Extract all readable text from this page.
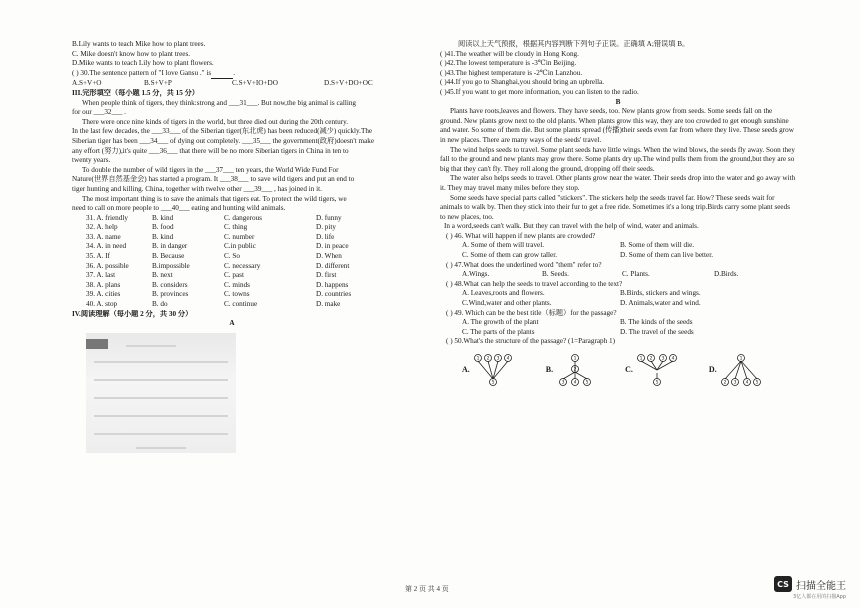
B.Lily wants to teach Mike how to plant trees.
C. Mike doesn't know how to plant trees.
D.Mike wants to teach Lily how to plant flowers.
( ) 30.The sentence pattern of "I love Gansu ." is	.
A.S+V+O	B.S+V+P	C.S+V+IO+DO	D.S+V+DO+OC
III.完形填空（每小题 1.5 分，共 15 分）
When people think of tigers, they think:strong and ___31___. But now,the big animal is calling
for our ___32___ .
There were once nine kinds of tigers in the world, but three died out during the 20th century.
In the last few decades, the ___33___ of the Siberian tiger(东北虎) has been reduced(减少) quickly.The
Siberian tiger has been ___34___ of dying out completely. ___35___ the government(政府)doesn't make
any effort (努力),it's quite ___36___ that there will be no more Siberian tigers in China in ten to
twenty years.
To double the number of wild tigers in the ___37___ ten years, the World Wide Fund For
Nature(世界自然基金会) has started a program. It ___38___ to save wild tigers and put an end to
tiger hunting and killing. China, together with twelve other ___39___ , has joined in it.
The most important thing is to save the animals that tigers eat. To protect the wild tigers, we
need to call on more people to ___40___ eating and hunting wild animals.
31. A. friendly	B. kind	C. dangerous	D. funny
32. A. help	B. food	C. thing	D. pity
33. A. name	B. kind	C. number	D. life
34. A. in need	B. in danger	C.in public	D. in peace
35. A. If	B. Because	C. So	D. When
36. A. possible	B.impossible	C. necessary	D. different
37. A. last	B. next	C. past	D. first
38. A. plans	B. considers	C. minds	D. happens
39. A. cities	B. provinces	C. towns	D. countries
40. A. stop	B. do	C. continue	D. make
IV.阅读理解（每小题 2 分，共 30 分）
A
阅读以上天气预报，根据其内容判断下列句子正误。正确填 A;错误填 B。
( )41.The weather will be cloudy in Hong Kong.
( )42.The lowest temperature is -3℃in Beijing.
( )43.The highest temperature is -2℃in Lanzhou.
( )44.If you go to Shanghai,you should bring an upbrella.
( )45.If you want to get more information, you can listen to the radio.
B
Plants have roots,leaves and flowers. They have seeds, too. New plants grow from seeds. Some seeds fall on the ground. New plants grow next to the old plants. When plants grow this way, they are too crowded to get enough sunshine and water. So some of them die. But some plants spread (传播)their seeds even far from where they live. These seeds grow in new places. There are many ways of the seeds' travel.
The wind helps seeds to travel. Some plant seeds have little wings. When the wind blows, the seeds fly away. Soon they fall to the ground and new plants may grow there. Some plants dry up.The wind pulls them from the ground,but they are so big that they can't fly. They roll along the ground, dropping off their seeds.
The water also helps seeds to travel. Other plants grow near the water. Their seeds drop into the water and go away with it. They may travel many miles before they stop.
Some seeds have special parts called "stickers". The stickers help the seeds travel far. How? These seeds wait for animals to walk by. Then they stick into their fur to get a free ride. Sometimes it's a long trip.Birds carry some plant seeds to new places, too.
In a word,seeds can't walk. But they can travel with the help of wind, water and animals.
( ) 46. What will happen if new plants are crowded?
A. Some of them will travel.	B. Some of them will die.
C. Some of them can grow taller.	D. Some of them can live better.
( ) 47.What does the underlined word "them" refer to?
A.Wings.	B. Seeds.	C. Plants.	D.Birds.
( ) 48.What can help the seeds to travel according to the text?
A. Leaves,roots and flowers.	B.Birds, stickers and wings.
C.Wind,water and other plants.	D. Animals,water and wind.
( ) 49. Which can be the best title（标题）for the passage?
A. The growth of the plant	B. The kinds of the seeds
C. The parts of the plants	D. The travel of the seeds
( ) 50.What's the structure of the passage? (1=Paragraph 1)
A.
1 2 3 4
5
B.
1
2
3 4 5
C.
1 2 3 4
5
D.
1
2 3 4 5
第 2 页 共 4 页
CS 扫描全能王
3亿人都在用的扫描App
